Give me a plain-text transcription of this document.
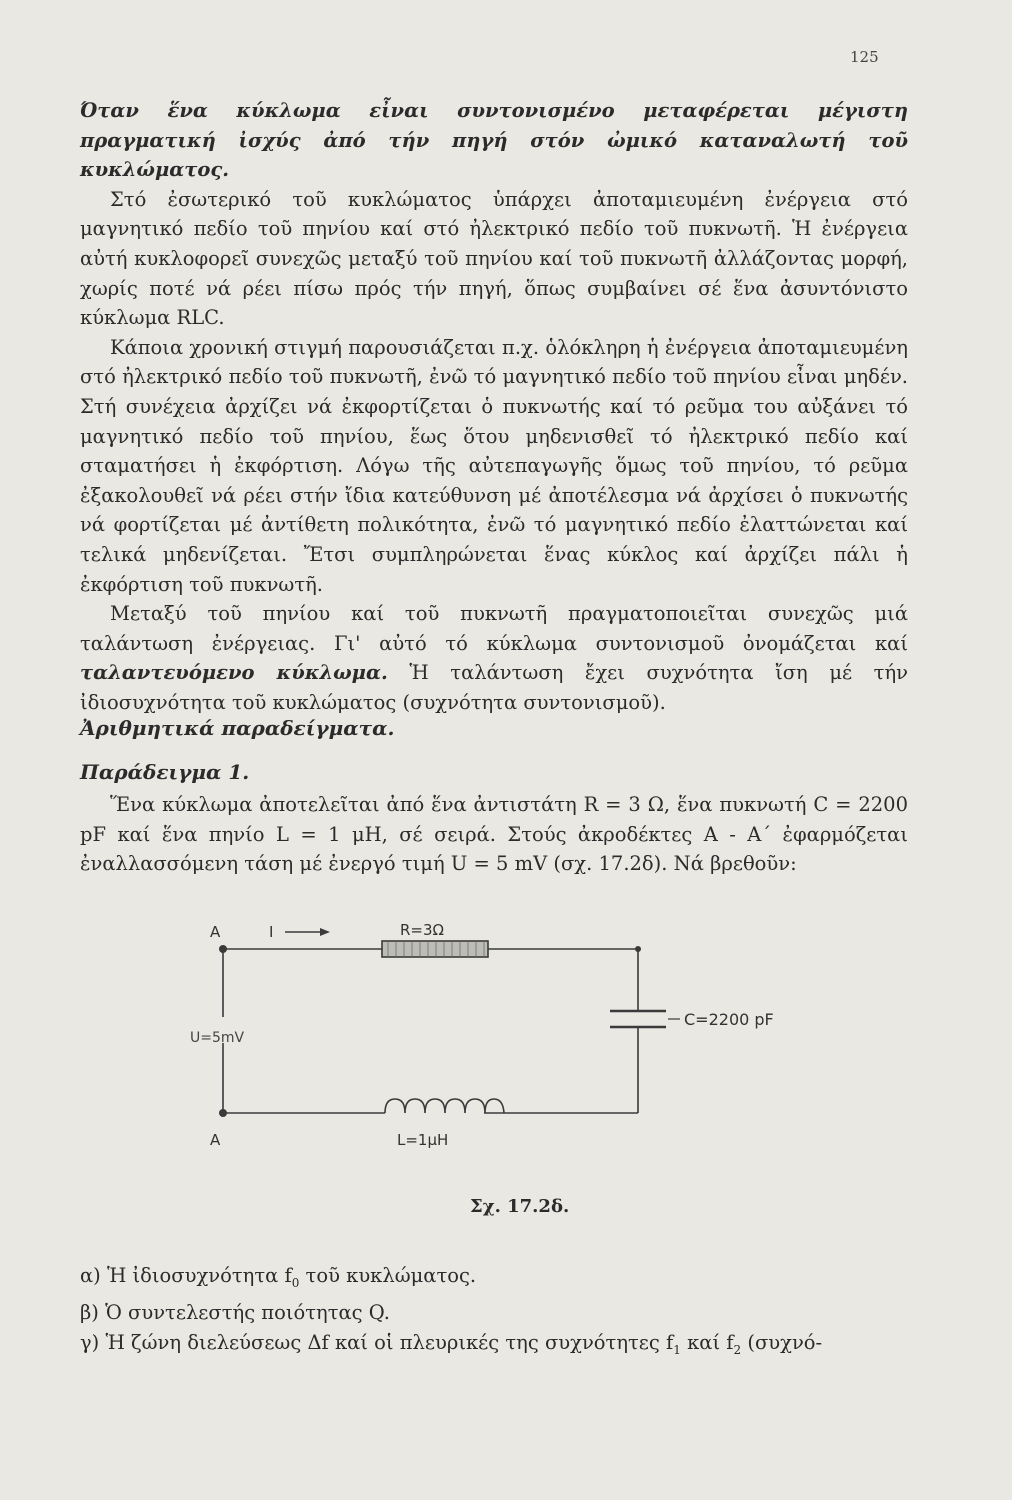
125

Όταν ἕνα κύκλωμα εἶναι συντονισμένο μεταφέρεται μέγιστη πραγματική ἰσχύς ἀπό τήν πηγή στόν ὠμικό καταναλωτή τοῦ κυκλώματος.

Στό ἐσωτερικό τοῦ κυκλώματος ὑπάρχει ἀποταμιευμένη ἐνέργεια στό μαγνητικό πεδίο τοῦ πηνίου καί στό ἠλεκτρικό πεδίο τοῦ πυκνωτῆ. Ἡ ἐνέργεια αὐτή κυκλοφορεῖ συνεχῶς μεταξύ τοῦ πηνίου καί τοῦ πυκνωτῆ ἀλλάζοντας μορφή, χωρίς ποτέ νά ρέει πίσω πρός τήν πηγή, ὅπως συμβαίνει σέ ἕνα ἀσυντόνιστο κύκλωμα RLC.

Κάποια χρονική στιγμή παρουσιάζεται π.χ. ὁλόκληρη ἡ ἐνέργεια ἀποταμιευμένη στό ἠλεκτρικό πεδίο τοῦ πυκνωτῆ, ἐνῶ τό μαγνητικό πεδίο τοῦ πηνίου εἶναι μηδέν. Στή συνέχεια ἀρχίζει νά ἐκφορτίζεται ὁ πυκνωτής καί τό ρεῦμα του αὐξάνει τό μαγνητικό πεδίο τοῦ πηνίου, ἕως ὅτου μηδενισθεῖ τό ἠλεκτρικό πεδίο καί σταματήσει ἡ ἐκφόρτιση. Λόγω τῆς αὐτεπαγωγῆς ὅμως τοῦ πηνίου, τό ρεῦμα ἐξακολουθεῖ νά ρέει στήν ἴδια κατεύθυνση μέ ἀποτέλεσμα νά ἀρχίσει ὁ πυκνωτής νά φορτίζεται μέ ἀντίθετη πολικότητα, ἐνῶ τό μαγνητικό πεδίο ἐλαττώνεται καί τελικά μηδενίζεται. Ἔτσι συμπληρώνεται ἕνας κύκλος καί ἀρχίζει πάλι ἡ ἐκφόρτιση τοῦ πυκνωτῆ.

Μεταξύ τοῦ πηνίου καί τοῦ πυκνωτῆ πραγματοποιεῖται συνεχῶς μιά ταλάντωση ἐνέργειας. Γι' αὐτό τό κύκλωμα συντονισμοῦ ὀνομάζεται καί ταλαντευόμενο κύκλωμα. Ἡ ταλάντωση ἔχει συχνότητα ἴση μέ τήν ἰδιοσυχνότητα τοῦ κυκλώματος (συχνότητα συντονισμοῦ).

Ἀριθμητικά παραδείγματα.
Παράδειγμα 1.
Ἕνα κύκλωμα ἀποτελεῖται ἀπό ἕνα ἀντιστάτη R = 3 Ω, ἕνα πυκνωτή C = 2200 pF καί ἕνα πηνίο L = 1 μH, σέ σειρά. Στούς ἀκροδέκτες Α - Α΄ ἐφαρμόζεται ἐναλλασσόμενη τάση μέ ἐνεργό τιμή U = 5 mV (σχ. 17.2δ). Νά βρεθοῦν:
A
A
I	R=3Ω
C=2200 pF
U=5mV
L=1μH
Σχ. 17.2δ.

α) Ἡ ἰδιοσυχνότητα $f_0$ τοῦ κυκλώματος.

β) Ὁ συντελεστής ποιότητας Q.

γ) Ἡ ζώνη διελεύσεως Δf καί οἱ πλευρικές της συχνότητες $f_1$ καί $f_2$ (συχνό-
